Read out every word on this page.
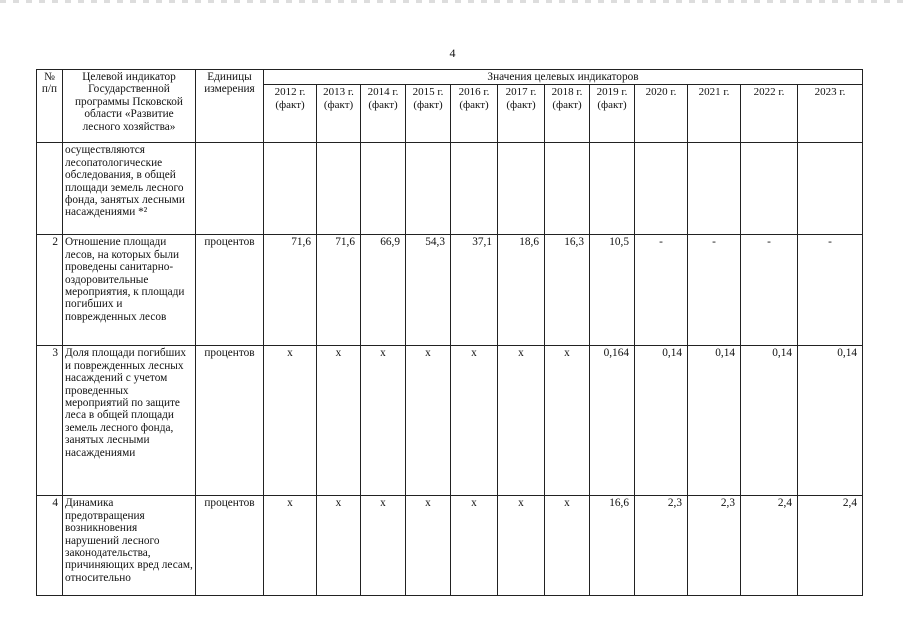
4
№ п/п	Целевой индикатор Государственной программы Псковской области «Развитие лесного хозяйства»	Единицы измерения	Значения целевых индикаторов											
			2012 г. (факт)	2013 г. (факт)	2014 г. (факт)	2015 г. (факт)	2016 г. (факт)	2017 г. (факт)	2018 г. (факт)	2019 г. (факт)	2020 г.	2021 г.	2022 г.	2023 г.
	осуществляются лесопатологические обследования, в общей площади земель лесного фонда, занятых лесными насаждениями *²													
2	Отношение площади лесов, на которых были проведены санитарно-оздоровительные мероприятия, к площади погибших и поврежденных лесов	процентов	71,6	71,6	66,9	54,3	37,1	18,6	16,3	10,5	-	-	-	-
3	Доля площади погибших и поврежденных лесных насаждений с учетом проведенных мероприятий по защите леса в общей площади земель лесного фонда, занятых лесными насаждениями	процентов	х	х	х	х	х	х	х	0,164	0,14	0,14	0,14	0,14
4	Динамика предотвращения возникновения нарушений лесного законодательства, причиняющих вред лесам, относительно	процентов	х	х	х	х	х	х	х	16,6	2,3	2,3	2,4	2,4
